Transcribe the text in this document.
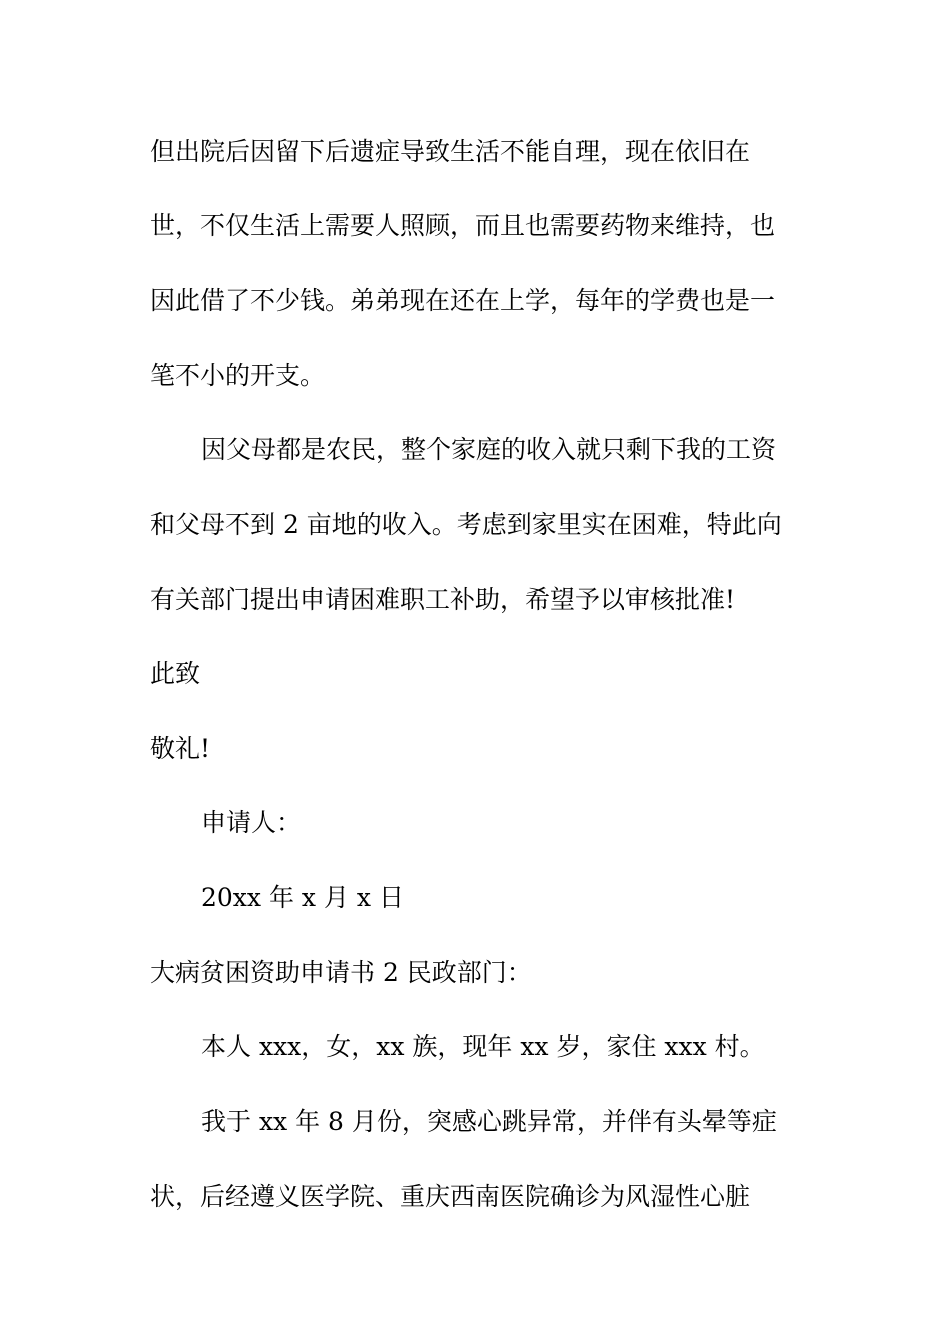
但出院后因留下后遗症导致生活不能自理，现在依旧在

世，不仅生活上需要人照顾，而且也需要药物来维持，也

因此借了不少钱。弟弟现在还在上学，每年的学费也是一

笔不小的开支。

因父母都是农民，整个家庭的收入就只剩下我的工资

和父母不到 2 亩地的收入。考虑到家里实在困难，特此向

有关部门提出申请困难职工补助，希望予以审核批准!

此致

敬礼!

申请人：

20xx 年 x 月 x 日

大病贫困资助申请书 2 民政部门：

本人 xxx，女，xx 族，现年 xx 岁，家住 xxx 村。

我于 xx 年 8 月份，突感心跳异常，并伴有头晕等症

状，后经遵义医学院、重庆西南医院确诊为风湿性心脏
